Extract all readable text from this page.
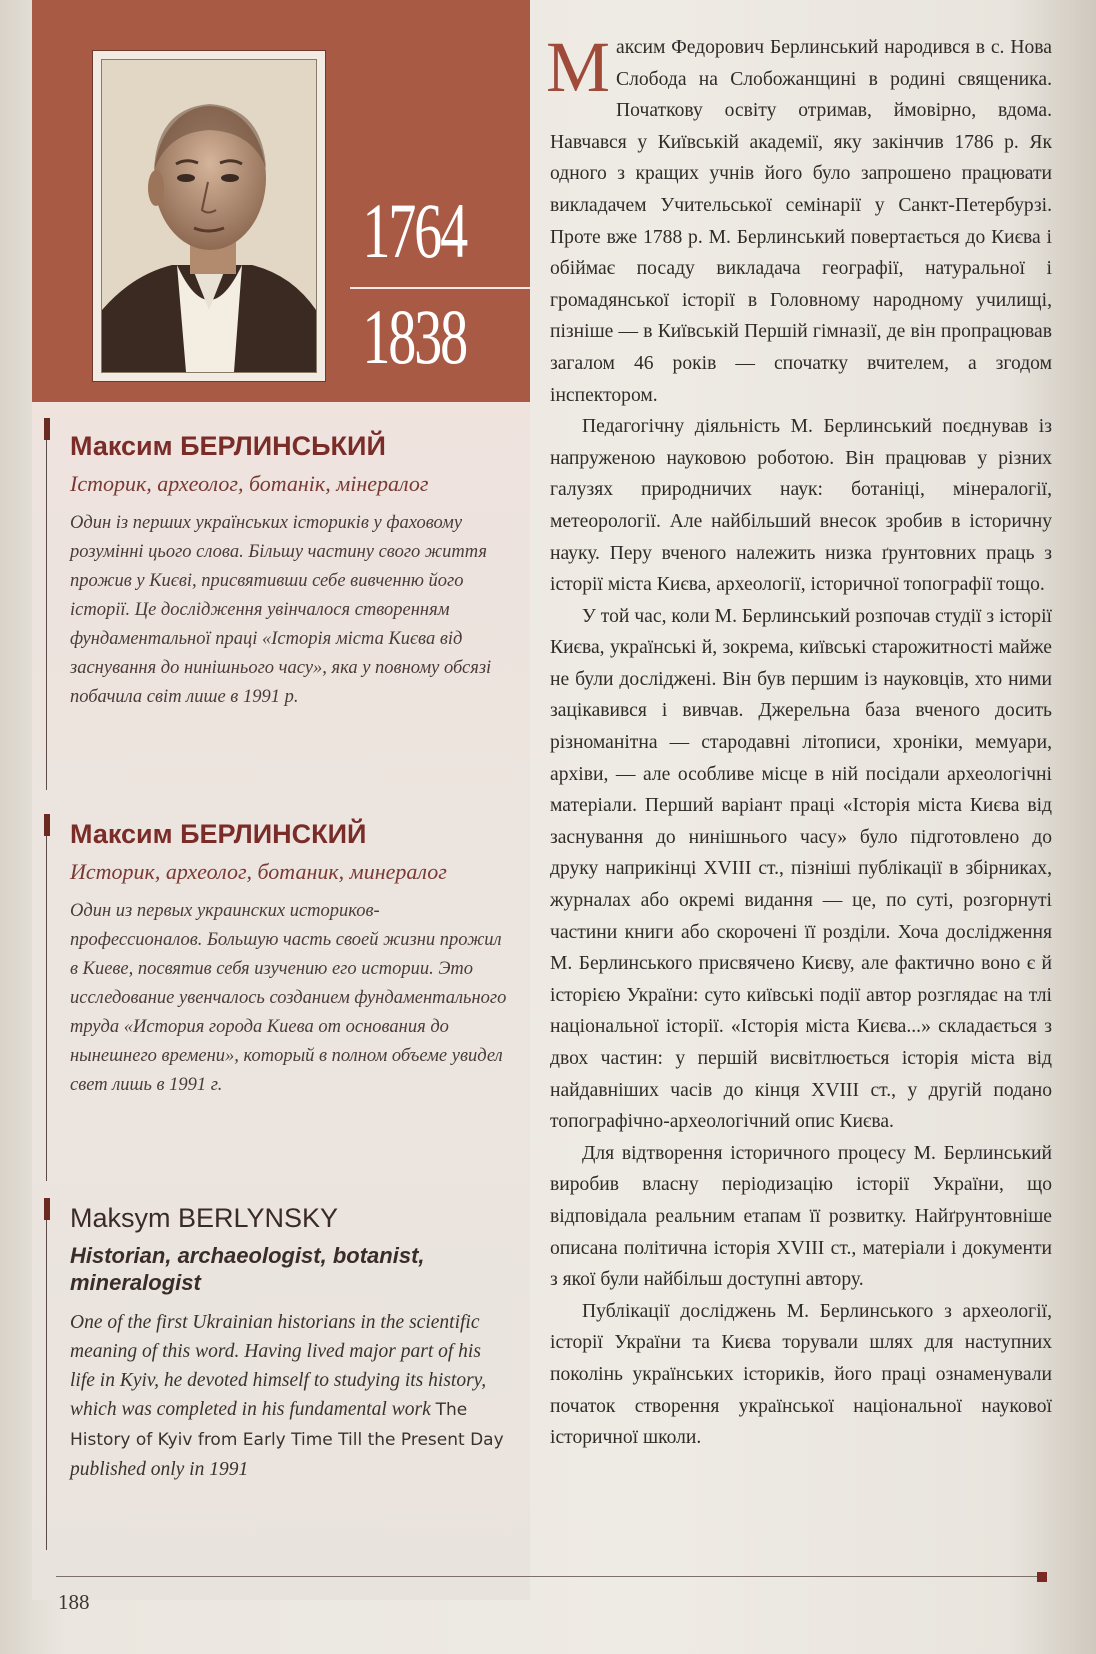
1764
1838
Максим БЕРЛИНСЬКИЙ

Історик, археолог, ботанік, мінералог

Один із перших українських істориків у фаховому розумінні цього слова. Більшу частину свого життя прожив у Києві, присвятивши себе вивченню його історії. Це дослідження увінчалося створенням фундаментальної праці «Історія міста Києва від заснування до нинішнього часу», яка у повному обсязі побачила світ лише в 1991 р.

Максим БЕРЛИНСКИЙ

Историк, археолог, ботаник, минералог

Один из первых украинских историков-профессионалов. Большую часть своей жизни прожил в Киеве, посвятив себя изучению его истории. Это исследование увенчалось созданием фундаментального труда «История города Киева от основания до нынешнего времени», который в полном объеме увидел свет лишь в 1991 г.

Maksym BERLYNSKY

Historian, archaeologist, botanist, mineralogist

One of the first Ukrainian historians in the scientific meaning of this word. Having lived major part of his life in Kyiv, he devoted himself to studying its history, which was completed in his fundamental work The History of Kyiv from Early Time Till the Present Day published only in 1991

Максим Федорович Берлинський народився в с. Нова Слобода на Слобожанщині в родині священика. Початкову освіту отримав, ймовірно, вдома. Навчався у Київській академії, яку закінчив 1786 р. Як одного з кращих учнів його було запрошено працювати викладачем Учительської семінарії у Санкт-Петербурзі. Проте вже 1788 р. М. Берлинський повертається до Києва і обіймає посаду викладача географії, натуральної і громадянської історії в Головному народному училищі, пізніше — в Київській Першій гімназії, де він пропрацював загалом 46 років — спочатку вчителем, а згодом інспектором.

Педагогічну діяльність М. Берлинський поєднував із напруженою науковою роботою. Він працював у різних галузях природничих наук: ботаніці, мінералогії, метеорології. Але найбільший внесок зробив в історичну науку. Перу вченого належить низка ґрунтовних праць з історії міста Києва, археології, історичної топографії тощо.

У той час, коли М. Берлинський розпочав студії з історії Києва, українські й, зокрема, київські старожитності майже не були досліджені. Він був першим із науковців, хто ними зацікавився і вивчав. Джерельна база вченого досить різноманітна — стародавні літописи, хроніки, мемуари, архіви, — але особливе місце в ній посідали археологічні матеріали. Перший варіант праці «Історія міста Києва від заснування до нинішнього часу» було підготовлено до друку наприкінці XVIII ст., пізніші публікації в збірниках, журналах або окремі видання — це, по суті, розгорнуті частини книги або скорочені її розділи. Хоча дослідження М. Берлинського присвячено Києву, але фактично воно є й історією України: суто київські події автор розглядає на тлі національної історії. «Історія міста Києва...» складається з двох частин: у першій висвітлюється історія міста від найдавніших часів до кінця XVIII ст., у другій подано топографічно-археологічний опис Києва.

Для відтворення історичного процесу М. Берлинський виробив власну періодизацію історії України, що відповідала реальним етапам її розвитку. Найґрунтовніше описана політична історія XVIII ст., матеріали і документи з якої були найбільш доступні автору.

Публікації досліджень М. Берлинського з археології, історії України та Києва торували шлях для наступних поколінь українських істориків, його праці ознаменували початок створення української національної наукової історичної школи.

188
